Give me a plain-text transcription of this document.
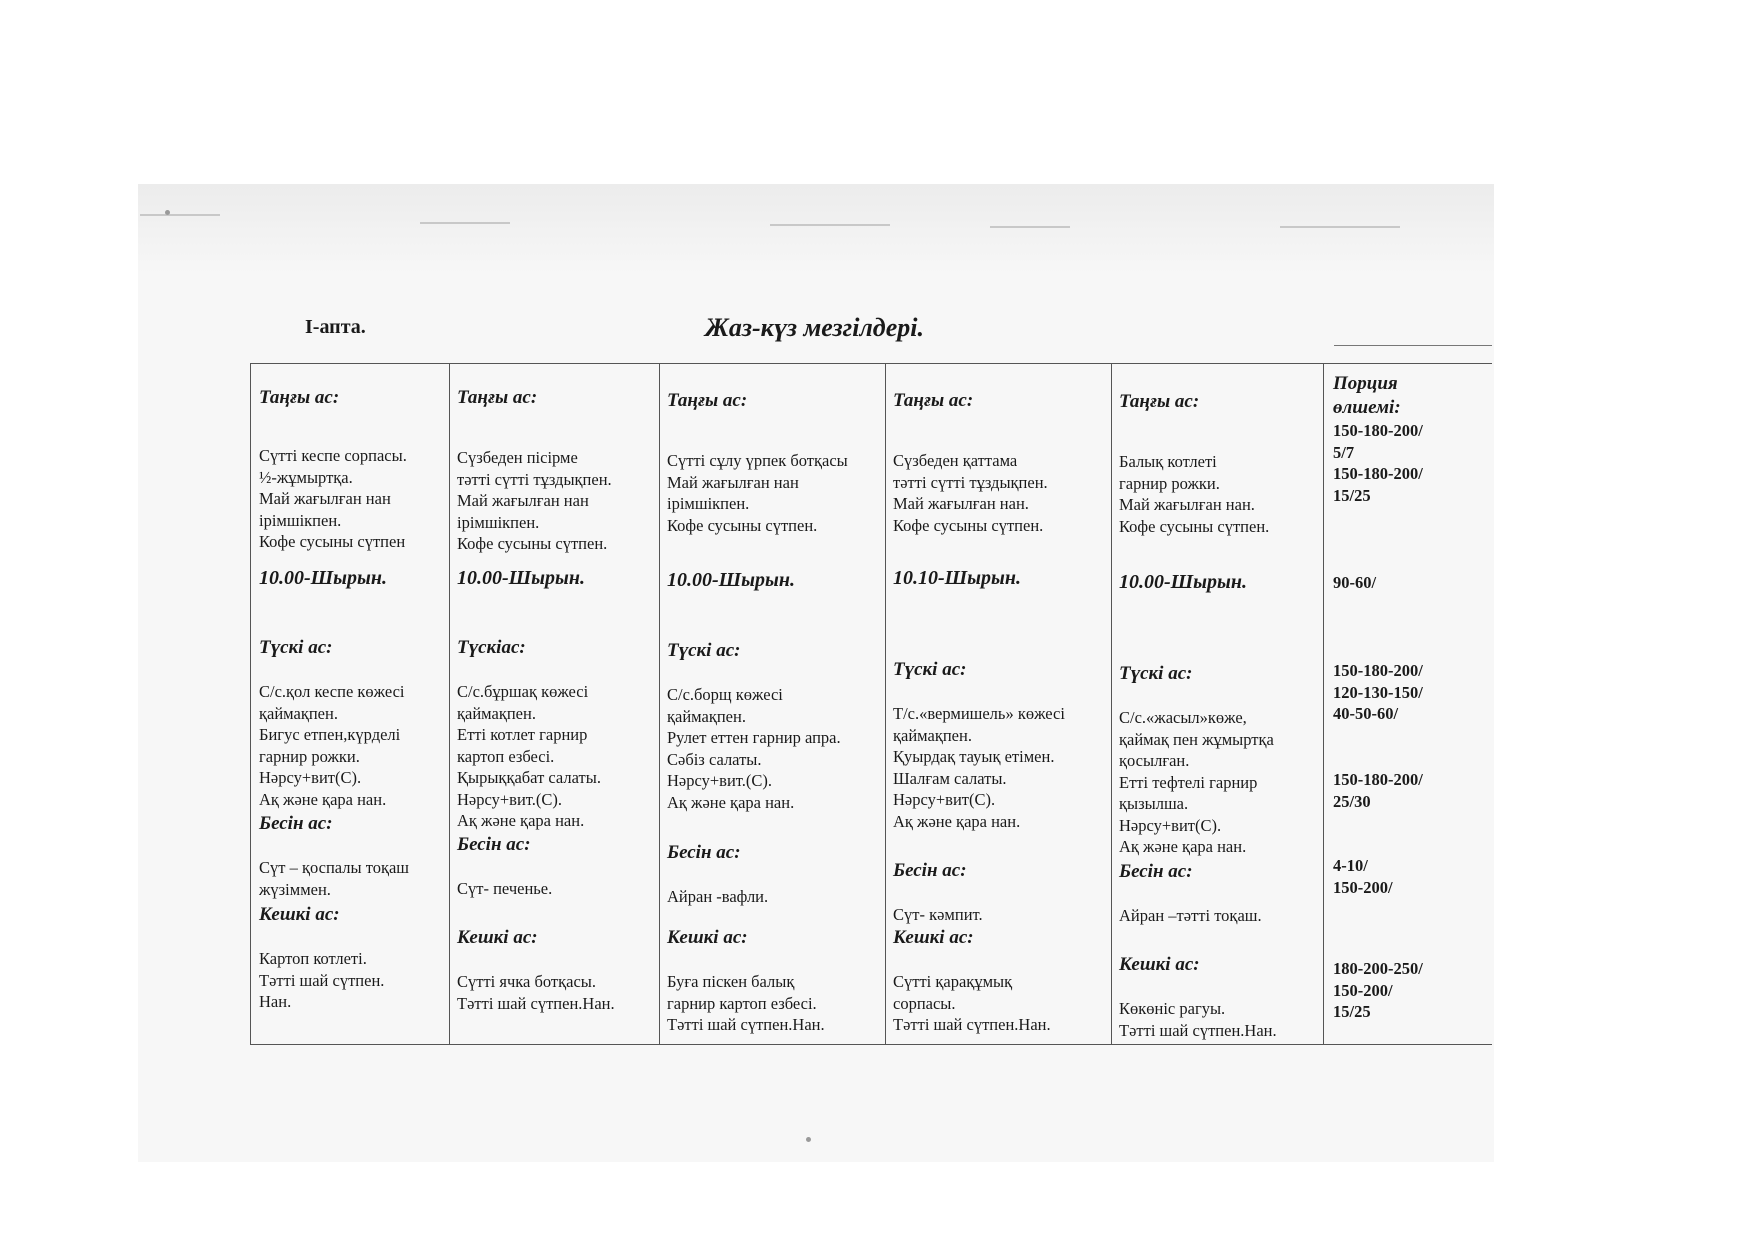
І-апта.	Жаз-күз мезгілдері.

Таңғы ас:

Сүтті кеспе сорпасы.
½-жұмыртқа.
Май жағылған нан
ірімшікпен.
Кофе сусыны сүтпен

10.00-Шырын.

Түскі ас:

С/с.қол кеспе көжесі
қаймақпен.
Бигус етпен,күрделі
гарнир рожки.
Нәрсу+вит(С).
Ақ және қара нан.

Бесін ас:

Сүт – қоспалы тоқаш
жүзіммен.

Кешкі ас:

Картоп котлеті.
Тәтті шай сүтпен.
Нан.

Таңғы ас:

Сүзбеден пісірме
тәтті сүтті тұздықпен.
Май жағылған нан
ірімшікпен.
Кофе сусыны сүтпен.

10.00-Шырын.

Түскіас:

С/с.бұршақ көжесі
қаймақпен.
Етті котлет гарнир
картоп езбесі.
Қырыққабат салаты.
Нәрсу+вит.(С).
Ақ және қара нан.

Бесін ас:

Сүт- печенье.

Кешкі ас:

Сүтті ячка ботқасы.
Тәтті шай сүтпен.Нан.

Таңғы ас:

Сүтті сұлу үрпек ботқасы
Май жағылған нан
ірімшікпен.
Кофе сусыны сүтпен.

10.00-Шырын.

Түскі ас:

С/с.борщ көжесі
қаймақпен.
Рулет еттен гарнир апра.
Сәбіз салаты.
Нәрсу+вит.(С).
Ақ және қара нан.

Бесін ас:

Айран -вафли.

Кешкі ас:

Буға піскен балық
гарнир картоп езбесі.
Тәтті шай сүтпен.Нан.

Таңғы ас:

Сүзбеден қаттама
тәтті сүтті тұздықпен.
Май жағылған нан.
Кофе сусыны сүтпен.

10.10-Шырын.

Түскі ас:

Т/с.«вермишель» көжесі
қаймақпен.
Қуырдақ тауық етімен.
Шалғам салаты.
Нәрсу+вит(С).
Ақ және қара нан.

Бесін ас:

Сүт- кәмпит.

Кешкі ас:

Сүтті қарақұмық
сорпасы.
Тәтті шай сүтпен.Нан.

Таңғы ас:

Балық котлеті
гарнир рожки.
Май жағылған нан.
Кофе сусыны сүтпен.

10.00-Шырын.

Түскі ас:

С/с.«жасыл»көже,
қаймақ пен жұмыртқа
қосылған.
Етті тефтелі гарнир
қызылша.
Нәрсу+вит(С).
Ақ және қара нан.

Бесін ас:

Айран –тәтті тоқаш.

Кешкі ас:

Көкөніс рагуы.
Тәтті шай сүтпен.Нан.

Порция
өлшемі:
150-180-200/
5/7
150-180-200/
15/25
90-60/
150-180-200/
120-130-150/
40-50-60/
150-180-200/
25/30
4-10/
150-200/
180-200-250/
150-200/
15/25
